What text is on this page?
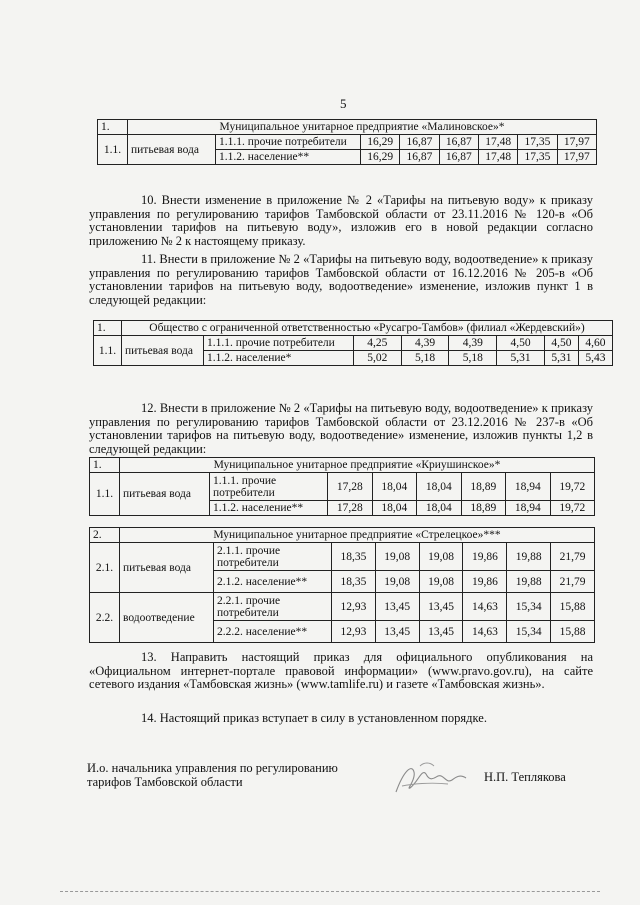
5
1.	Муниципальное унитарное предприятие «Малиновское»*							
1.1.	питьевая вода	1.1.1. прочие потребители	16,29	16,87	16,87	17,48	17,35	17,97
		1.1.2. население**	16,29	16,87	16,87	17,48	17,35	17,97
10. Внести изменение в приложение № 2 «Тарифы на питьевую воду» к приказу управления по регулированию тарифов Тамбовской области от 23.11.2016 № 120-в «Об установлении тарифов на питьевую воду», изложив его в новой редакции согласно приложению № 2 к настоящему приказу.
11. Внести в приложение № 2 «Тарифы на питьевую воду, водоотведение» к приказу управления по регулированию тарифов Тамбовской области от 16.12.2016 № 205-в «Об установлении тарифов на питьевую воду, водоотведение» изменение, изложив пункт 1 в следующей редакции:
1.	Общество с ограниченной ответственностью «Русагро-Тамбов» (филиал «Жердевский»)							
1.1.	питьевая вода	1.1.1. прочие потребители	4,25	4,39	4,39	4,50	4,50	4,60
		1.1.2. население*	5,02	5,18	5,18	5,31	5,31	5,43
12. Внести в приложение № 2 «Тарифы на питьевую воду, водоотведение» к приказу управления по регулированию тарифов Тамбовской области от 23.12.2016 № 237-в «Об установлении тарифов на питьевую воду, водоотведение» изменение, изложив пункты 1,2 в следующей редакции:
1.	Муниципальное унитарное предприятие «Криушинское»*							
1.1.	питьевая вода	1.1.1. прочие потребители	17,28	18,04	18,04	18,89	18,94	19,72
		1.1.2. население**	17,28	18,04	18,04	18,89	18,94	19,72
2.	Муниципальное унитарное предприятие «Стрелецкое»***							
2.1.	питьевая вода	2.1.1. прочие потребители	18,35	19,08	19,08	19,86	19,88	21,79
		2.1.2. население**	18,35	19,08	19,08	19,86	19,88	21,79
2.2.	водоотведение	2.2.1. прочие потребители	12,93	13,45	13,45	14,63	15,34	15,88
		2.2.2. население**	12,93	13,45	13,45	14,63	15,34	15,88
13. Направить настоящий приказ для официального опубликования на «Официальном интернет-портале правовой информации» (www.pravo.gov.ru), на сайте сетевого издания «Тамбовская жизнь» (www.tamlife.ru) и газете «Тамбовская жизнь».
14. Настоящий приказ вступает в силу в установленном порядке.
И.о. начальника управления по регулированию
тарифов Тамбовской области	Н.П. Теплякова
